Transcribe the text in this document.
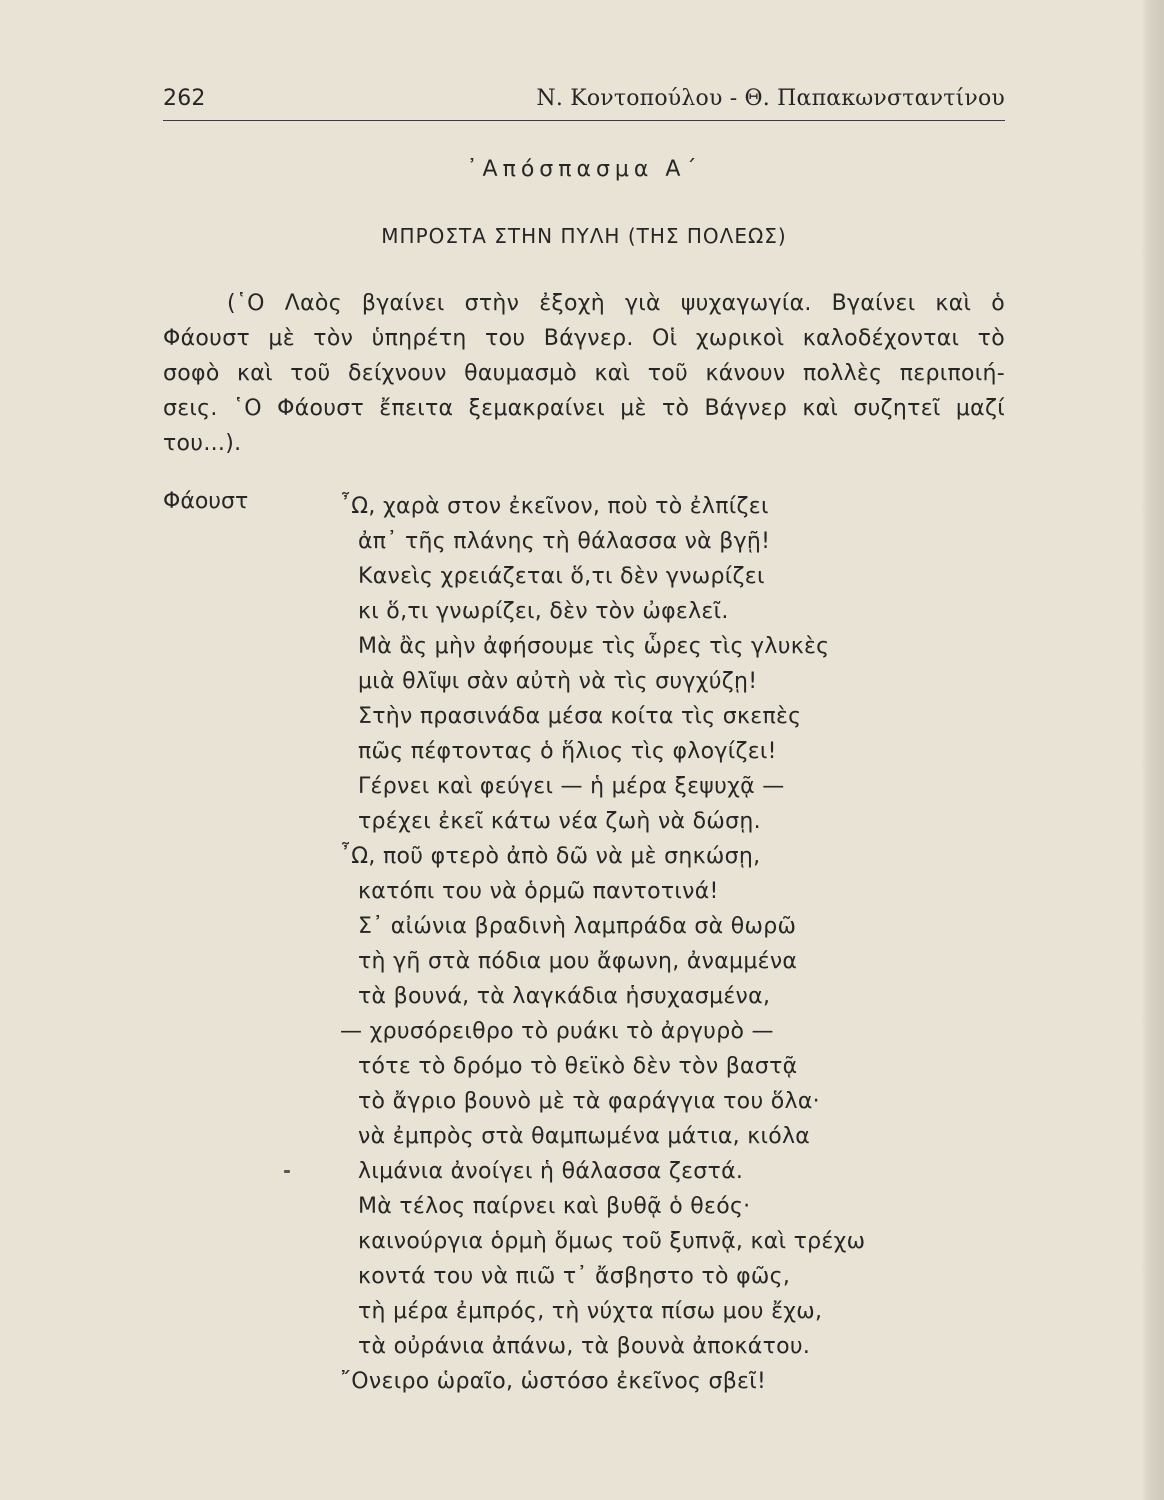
262	Ν. Κοντοπούλου - Θ. Παπακωνσταντίνου
᾿Απόσπασμα Α΄
ΜΠΡΟΣΤΑ ΣΤΗΝ ΠΥΛΗ (ΤΗΣ ΠΟΛΕΩΣ)
(῾Ο Λαὸς βγαίνει στὴν ἐξοχὴ γιὰ ψυχαγωγία. Βγαίνει καὶ ὁ
Φάουστ μὲ τὸν ὑπηρέτη του Βάγνερ. Οἱ χωρικοὶ καλοδέχονται τὸ
σοφὸ καὶ τοῦ δείχνουν θαυμασμὸ καὶ τοῦ κάνουν πολλὲς περιποιή-
σεις. ῾Ο Φάουστ ἔπειτα ξεμακραίνει μὲ τὸ Βάγνερ καὶ συζητεῖ μαζί
του...).
Φάουστ	῏Ω, χαρὰ στον ἐκεῖνον, ποὺ τὸ ἐλπίζει
ἀπ᾿ τῆς πλάνης τὴ θάλασσα νὰ βγῇ!
Κανεὶς χρειάζεται ὅ,τι δὲν γνωρίζει
κι ὅ,τι γνωρίζει, δὲν τὸν ὠφελεῖ.
Μὰ ἂς μὴν ἀφήσουμε τὶς ὧρες τὶς γλυκὲς
μιὰ θλῖψι σὰν αὐτὴ νὰ τὶς συγχύζῃ!
Στὴν πρασινάδα μέσα κοίτα τὶς σκεπὲς
πῶς πέφτοντας ὁ ἥλιος τὶς φλογίζει!
Γέρνει καὶ φεύγει — ἡ μέρα ξεψυχᾷ —
τρέχει ἐκεῖ κάτω νέα ζωὴ νὰ δώσῃ.
῏Ω, ποῦ φτερὸ ἀπὸ δῶ νὰ μὲ σηκώσῃ,
κατόπι του νὰ ὁρμῶ παντοτινά!
Σ᾿ αἰώνια βραδινὴ λαμπράδα σὰ θωρῶ
τὴ γῆ στὰ πόδια μου ἄφωνη, ἀναμμένα
τὰ βουνά, τὰ λαγκάδια ἡσυχασμένα,
— χρυσόρειθρο τὸ ρυάκι τὸ ἀργυρὸ —
τότε τὸ δρόμο τὸ θεϊκὸ δὲν τὸν βαστᾷ
τὸ ἄγριο βουνὸ μὲ τὰ φαράγγια του ὅλα·
νὰ ἐμπρὸς στὰ θαμπωμένα μάτια, κιόλα
λιμάνια ἀνοίγει ἡ θάλασσα ζεστά.
Μὰ τέλος παίρνει καὶ βυθᾷ ὁ θεός·
καινούργια ὁρμὴ ὅμως τοῦ ξυπνᾷ, καὶ τρέχω
κοντά του νὰ πιῶ τ᾿ ἄσβηστο τὸ φῶς,
τὴ μέρα ἐμπρός, τὴ νύχτα πίσω μου ἔχω,
τὰ οὐράνια ἀπάνω, τὰ βουνὰ ἀποκάτου.
῎Ονειρο ὡραῖο, ὡστόσο ἐκεῖνος σβεῖ!
